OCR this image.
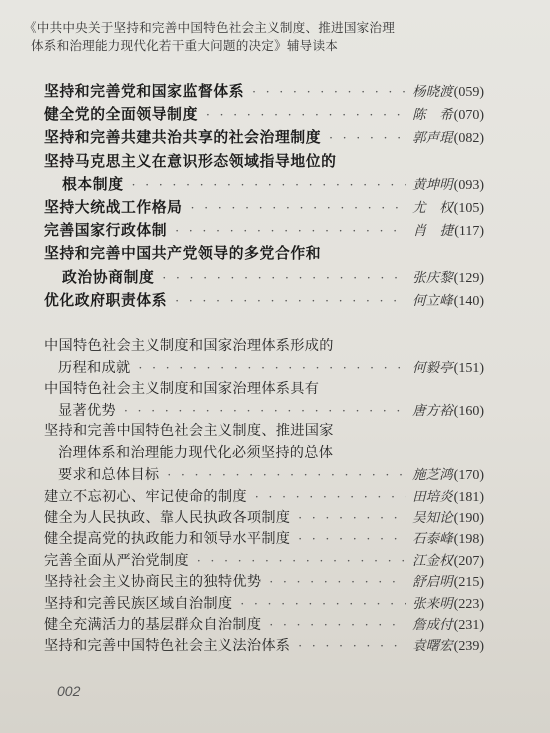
《中共中央关于坚持和完善中国特色社会主义制度、推进国家治理
体系和治理能力现代化若干重大问题的决定》辅导读本
坚持和完善党和国家监督体系 · · ·	杨晓渡 (059)
健全党的全面领导制度 · · ·	陈　希 (070)
坚持和完善共建共治共享的社会治理制度 · · ·	郭声琨 (082)
坚持马克思主义在意识形态领域指导地位的
根本制度 · · ·	黄坤明 (093)
坚持大统战工作格局 · · ·	尤　权 (105)
完善国家行政体制 · · ·	肖　捷 (117)
坚持和完善中国共产党领导的多党合作和
政治协商制度 · · ·	张庆黎 (129)
优化政府职责体系 · · ·	何立峰 (140)
中国特色社会主义制度和国家治理体系形成的
历程和成就 · · ·	何毅亭 (151)
中国特色社会主义制度和国家治理体系具有
显著优势 · · ·	唐方裕 (160)
坚持和完善中国特色社会主义制度、推进国家
治理体系和治理能力现代化必须坚持的总体
要求和总体目标 · · ·	施芝鸿 (170)
建立不忘初心、牢记使命的制度 · · ·	田培炎 (181)
健全为人民执政、靠人民执政各项制度 · · ·	吴知论 (190)
健全提高党的执政能力和领导水平制度 · · ·	石泰峰 (198)
完善全面从严治党制度 · · ·	江金权 (207)
坚持社会主义协商民主的独特优势 · · ·	舒启明 (215)
坚持和完善民族区域自治制度 · · ·	张来明 (223)
健全充满活力的基层群众自治制度 · · ·	詹成付 (231)
坚持和完善中国特色社会主义法治体系 · · ·	袁曙宏 (239)
002
